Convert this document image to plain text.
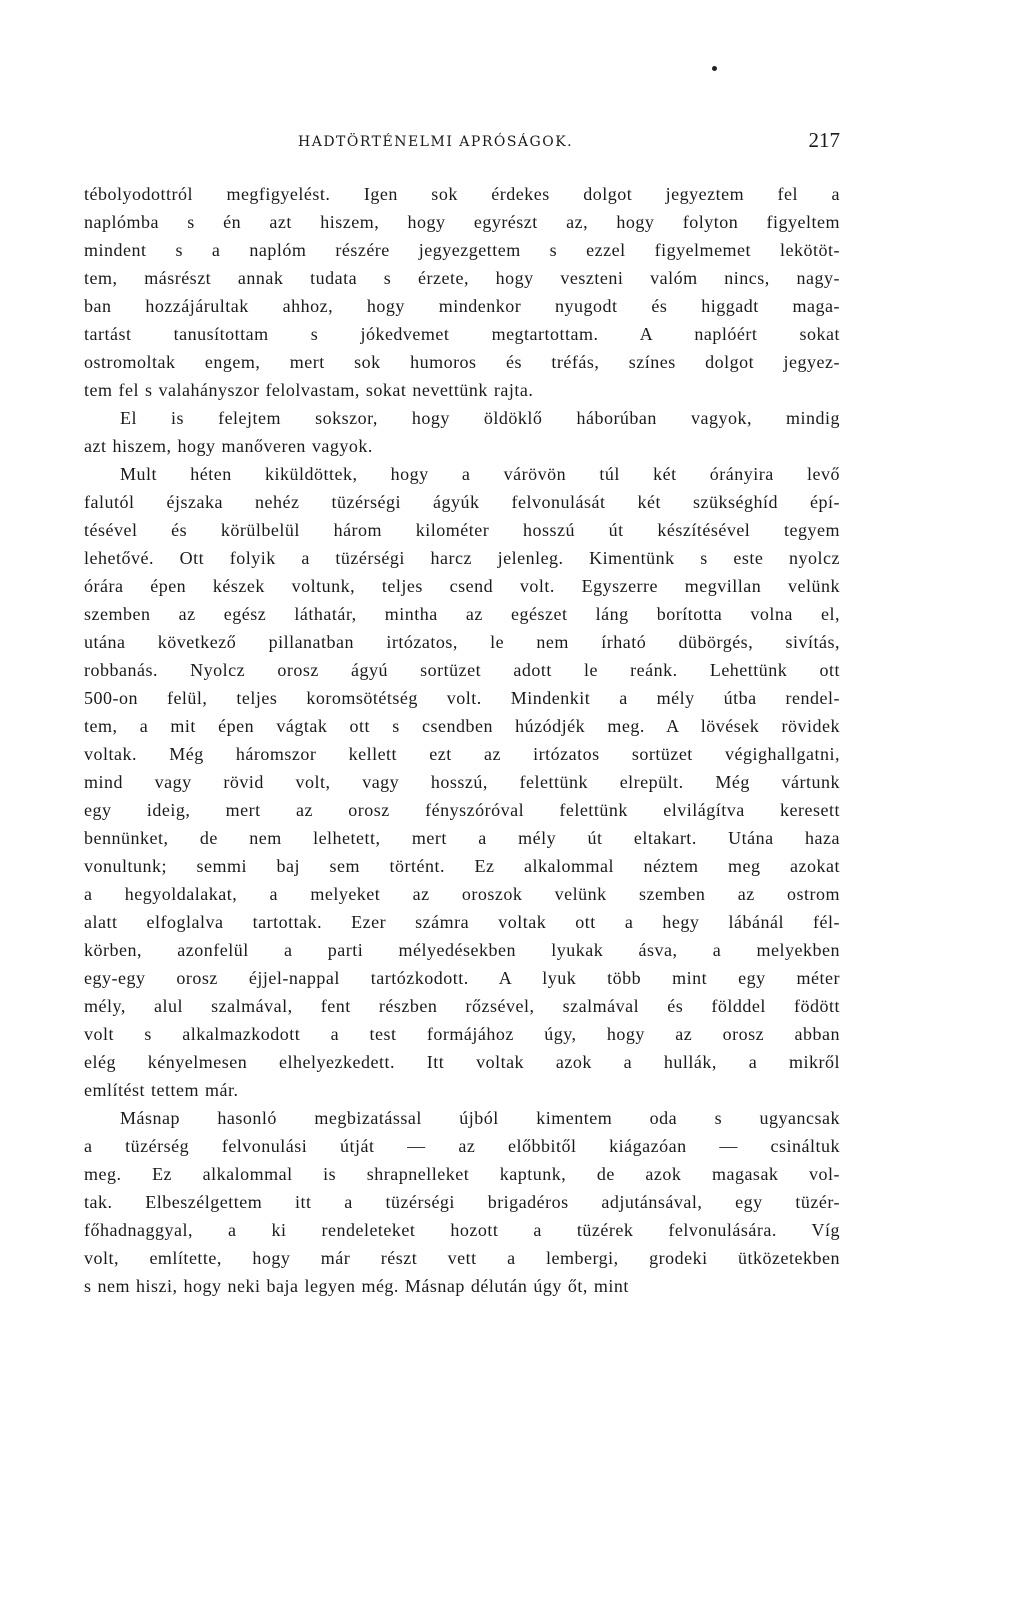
HADTÖRTÉNELMI APRÓSÁGOK.	217
tébolyodottról megfigyelést. Igen sok érdekes dolgot jegyeztem fel a
naplómba s én azt hiszem, hogy egyrészt az, hogy folyton figyeltem
mindent s a naplóm részére jegyezgettem s ezzel figyelmemet lekötöt-
tem, másrészt annak tudata s érzete, hogy veszteni valóm nincs, nagy-
ban hozzájárultak ahhoz, hogy mindenkor nyugodt és higgadt maga-
tartást tanusítottam s jókedvemet megtartottam. A naplóért sokat
ostromoltak engem, mert sok humoros és tréfás, színes dolgot jegyez-
tem fel s valahányszor felolvastam, sokat nevettünk rajta.
El is felejtem sokszor, hogy öldöklő háborúban vagyok, mindig
azt hiszem, hogy manőveren vagyok.
Mult héten kiküldöttek, hogy a várövön túl két órányira levő
falutól éjszaka nehéz tüzérségi ágyúk felvonulását két szükséghíd épí-
tésével és körülbelül három kilométer hosszú út készítésével tegyem
lehetővé. Ott folyik a tüzérségi harcz jelenleg. Kimentünk s este nyolcz
órára épen készek voltunk, teljes csend volt. Egyszerre megvillan velünk
szemben az egész láthatár, mintha az egészet láng borította volna el,
utána következő pillanatban irtózatos, le nem írható dübörgés, sivítás,
robbanás. Nyolcz orosz ágyú sortüzet adott le reánk. Lehettünk ott
500-on felül, teljes koromsötétség volt. Mindenkit a mély útba rendel-
tem, a mit épen vágtak ott s csendben húzódjék meg. A lövések rövidek
voltak. Még háromszor kellett ezt az irtózatos sortüzet végighallgatni,
mind vagy rövid volt, vagy hosszú, felettünk elrepült. Még vártunk
egy ideig, mert az orosz fényszóróval felettünk elvilágítva keresett
bennünket, de nem lelhetett, mert a mély út eltakart. Utána haza
vonultunk; semmi baj sem történt. Ez alkalommal néztem meg azokat
a hegyoldalakat, a melyeket az oroszok velünk szemben az ostrom
alatt elfoglalva tartottak. Ezer számra voltak ott a hegy lábánál fél-
körben, azonfelül a parti mélyedésekben lyukak ásva, a melyekben
egy-egy orosz éjjel-nappal tartózkodott. A lyuk több mint egy méter
mély, alul szalmával, fent részben rőzsével, szalmával és földdel födött
volt s alkalmazkodott a test formájához úgy, hogy az orosz abban
elég kényelmesen elhelyezkedett. Itt voltak azok a hullák, a mikről
említést tettem már.
Másnap hasonló megbizatással újból kimentem oda s ugyancsak
a tüzérség felvonulási útját — az előbbitől kiágazóan — csináltuk
meg. Ez alkalommal is shrapnelleket kaptunk, de azok magasak vol-
tak. Elbeszélgettem itt a tüzérségi brigadéros adjutánsával, egy tüzér-
főhadnaggyal, a ki rendeleteket hozott a tüzérek felvonulására. Víg
volt, említette, hogy már részt vett a lembergi, grodeki ütközetekben
s nem hiszi, hogy neki baja legyen még. Másnap délután úgy őt, mint
